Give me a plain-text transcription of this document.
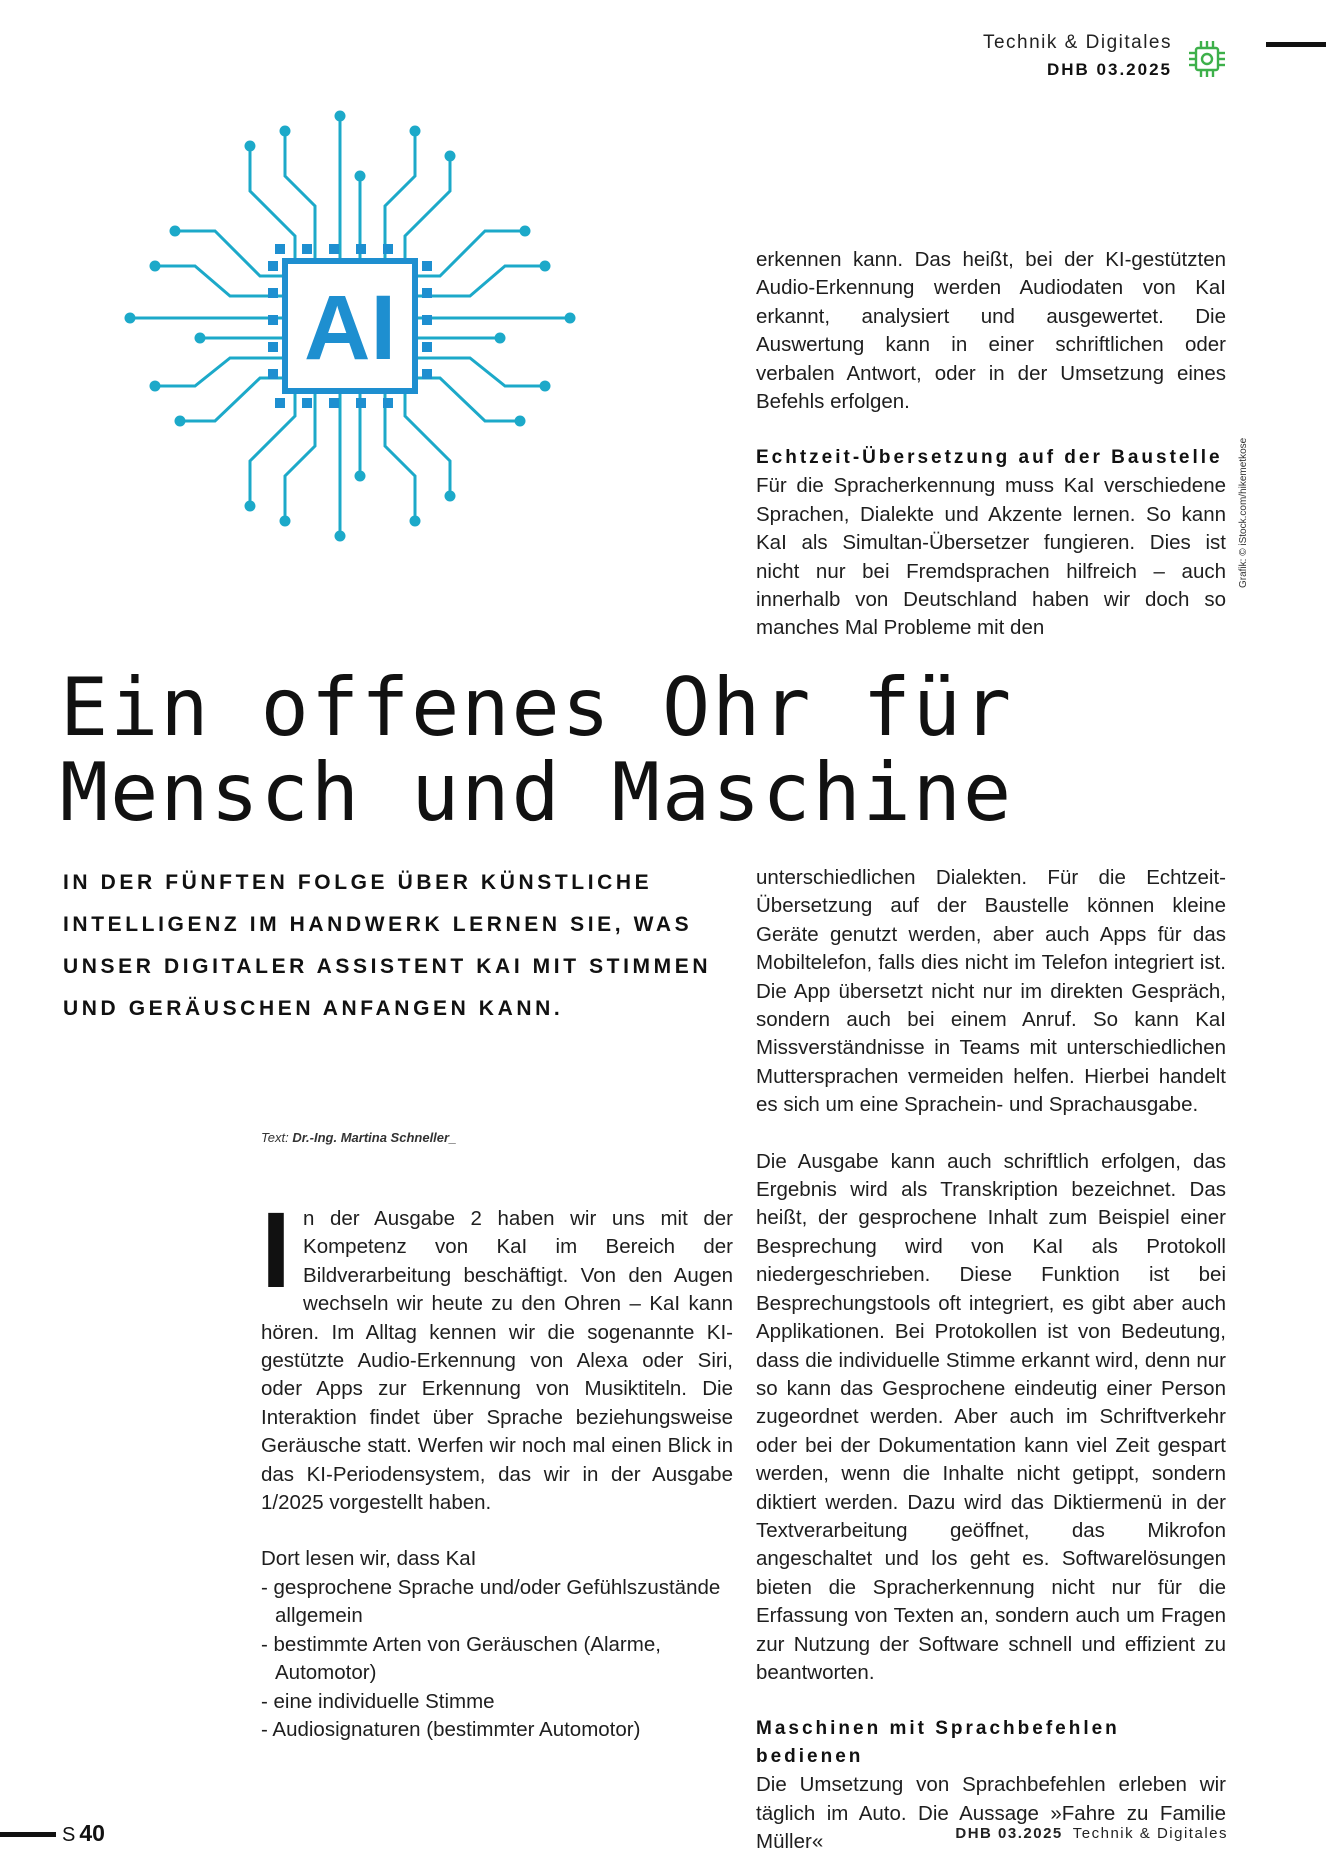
Technik & Digitales
DHB 03.2025
AI

erkennen kann. Das heißt, bei der KI-gestützten Audio-Erkennung werden Audiodaten von KaI erkannt, analysiert und ausgewertet. Die Auswertung kann in einer schriftlichen oder verbalen Antwort, oder in der Umsetzung eines Befehls erfolgen.

Echtzeit-Übersetzung auf der Baustelle

Für die Spracherkennung muss KaI verschiedene Sprachen, Dialekte und Akzente lernen. So kann KaI als Simultan-Übersetzer fungieren. Dies ist nicht nur bei Fremdsprachen hilfreich – auch innerhalb von Deutschland haben wir doch so manches Mal Probleme mit den

Grafik: © iStock.com/hikemetkose
Ein offenes Ohr für
Mensch und Maschine

IN DER FÜNFTEN FOLGE ÜBER KÜNSTLICHE INTELLIGENZ IM HANDWERK LERNEN SIE, WAS UNSER DIGITALER ASSISTENT KAI MIT STIMMEN UND GERÄUSCHEN ANFANGEN KANN.

unterschiedlichen Dialekten. Für die Echtzeit-Übersetzung auf der Baustelle können kleine Geräte genutzt werden, aber auch Apps für das Mobiltelefon, falls dies nicht im Telefon integriert ist. Die App übersetzt nicht nur im direkten Gespräch, sondern auch bei einem Anruf. So kann KaI Missverständnisse in Teams mit unterschiedlichen Muttersprachen vermeiden helfen. Hierbei handelt es sich um eine Sprachein- und Sprachausgabe.

Die Ausgabe kann auch schriftlich erfolgen, das Ergebnis wird als Transkription bezeichnet. Das heißt, der gesprochene Inhalt zum Beispiel einer Besprechung wird von KaI als Protokoll niedergeschrieben. Diese Funktion ist bei Besprechungstools oft integriert, es gibt aber auch Applikationen. Bei Protokollen ist von Bedeutung, dass die individuelle Stimme erkannt wird, denn nur so kann das Gesprochene eindeutig einer Person zugeordnet werden. Aber auch im Schriftverkehr oder bei der Dokumentation kann viel Zeit gespart werden, wenn die Inhalte nicht getippt, sondern diktiert werden. Dazu wird das Diktiermenü in der Textverarbeitung geöffnet, das Mikrofon angeschaltet und los geht es. Softwarelösungen bieten die Spracherkennung nicht nur für die Erfassung von Texten an, sondern auch um Fragen zur Nutzung der Software schnell und effizient zu beantworten.

Maschinen mit Sprachbefehlen bedienen

Die Umsetzung von Sprachbefehlen erleben wir täglich im Auto. Die Aussage »Fahre zu Familie Müller«

Text: Dr.-Ing. Martina Schneller_

In der Ausgabe 2 haben wir uns mit der Kompetenz von KaI im Bereich der Bildverarbeitung beschäftigt. Von den Augen wechseln wir heute zu den Ohren – KaI kann hören. Im Alltag kennen wir die sogenannte KI-gestützte Audio-Erkennung von Alexa oder Siri, oder Apps zur Erkennung von Musiktiteln. Die Interaktion findet über Sprache beziehungsweise Geräusche statt. Werfen wir noch mal einen Blick in das KI-Periodensystem, das wir in der Ausgabe 1/2025 vorgestellt haben.

Dort lesen wir, dass KaI

- gesprochene Sprache und/oder Gefühlszustände allgemein
- bestimmte Arten von Geräuschen (Alarme, Automotor)
- eine individuelle Stimme
- Audiosignaturen (bestimmter Automotor)
S 40	DHB 03.2025 Technik & Digitales
